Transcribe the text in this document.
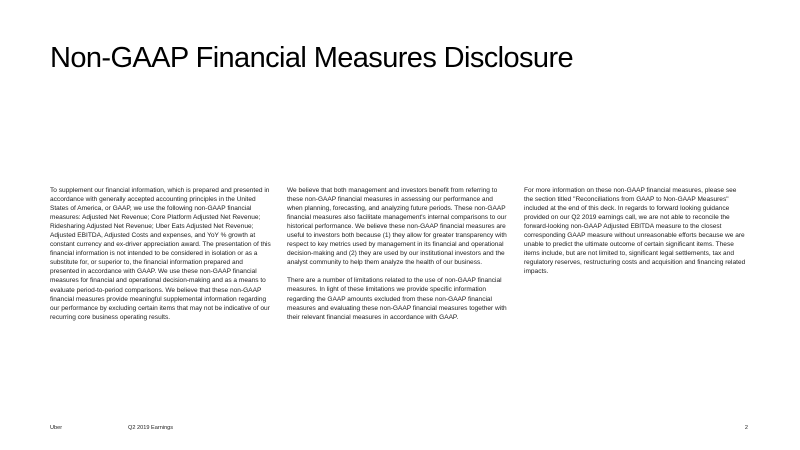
Non-GAAP Financial Measures Disclosure

To supplement our financial information, which is prepared and presented in accordance with generally accepted accounting principles in the United States of America, or GAAP, we use the following non-GAAP financial measures: Adjusted Net Revenue; Core Platform Adjusted Net Revenue; Ridesharing Adjusted Net Revenue; Uber Eats Adjusted Net Revenue; Adjusted EBITDA, Adjusted Costs and expenses, and YoY % growth at constant currency and ex-driver appreciation award. The presentation of this financial information is not intended to be considered in isolation or as a substitute for, or superior to, the financial information prepared and presented in accordance with GAAP. We use these non-GAAP financial measures for financial and operational decision-making and as a means to evaluate period-to-period comparisons. We believe that these non-GAAP financial measures provide meaningful supplemental information regarding our performance by excluding certain items that may not be indicative of our recurring core business operating results.

We believe that both management and investors benefit from referring to these non-GAAP financial measures in assessing our performance and when planning, forecasting, and analyzing future periods. These non-GAAP financial measures also facilitate management's internal comparisons to our historical performance. We believe these non-GAAP financial measures are useful to investors both because (1) they allow for greater transparency with respect to key metrics used by management in its financial and operational decision-making and (2) they are used by our institutional investors and the analyst community to help them analyze the health of our business.

There are a number of limitations related to the use of non-GAAP financial measures. In light of these limitations we provide specific information regarding the GAAP amounts excluded from these non-GAAP financial measures and evaluating these non-GAAP financial measures together with their relevant financial measures in accordance with GAAP.

For more information on these non-GAAP financial measures, please see the section titled "Reconciliations from GAAP to Non-GAAP Measures" included at the end of this deck. In regards to forward looking guidance provided on our Q2 2019 earnings call, we are not able to reconcile the forward-looking non-GAAP Adjusted EBITDA measure to the closest corresponding GAAP measure without unreasonable efforts because we are unable to predict the ultimate outcome of certain significant items. These items include, but are not limited to, significant legal settlements, tax and regulatory reserves, restructuring costs and acquisition and financing related impacts.

Uber	Q2 2019 Earnings	2
